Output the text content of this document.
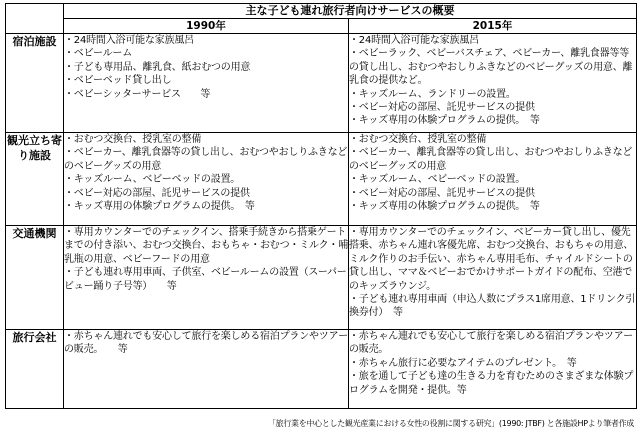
	主な子ども連れ旅行者向けサービスの概要	
	1990年	2015年
宿泊施設	・24時間入浴可能な家族風呂
・ベビールーム
・子ども専用品、離乳食、紙おむつの用意
・ベビーベッド貸し出し
・ベビーシッターサービス　　等	・24時間入浴可能な家族風呂
・ベビーラック、ベビーバスチェア、ベビーカー、離乳食器等等の貸し出し、おむつやおしりふきなどのベビーグッズの用意、離乳食の提供など。
・キッズルーム、ランドリーの設置。
・ベビー対応の部屋、託児サービスの提供
・キッズ専用の体験プログラムの提供。　等
観光立ち寄り施設	・おむつ交換台、授乳室の整備
・ベビーカー、離乳食器等の貸し出し、おむつやおしりふきなどのベビーグッズの用意
・キッズルーム、ベビーベッドの設置。
・ベビー対応の部屋、託児サービスの提供
・キッズ専用の体験プログラムの提供。　等	・おむつ交換台、授乳室の整備
・ベビーカー、離乳食器等の貸し出し、おむつやおしりふきなどのベビーグッズの用意
・キッズルーム、ベビーベッドの設置。
・ベビー対応の部屋、託児サービスの提供
・キッズ専用の体験プログラムの提供。　等
交通機関	・専用カウンターでのチェックイン、搭乗手続きから搭乗ゲートまでの付き添い、おむつ交換台、おもちゃ・おむつ・ミルク・哺乳瓶の用意、ベビーフードの用意
・子ども連れ専用車両、子供室、ベビールームの設置（スーパービュー踊り子号等）　　等	・専用カウンターでのチェックイン、ベビーカー貸し出し、優先搭乗、赤ちゃん連れ客優先席、おむつ交換台、おもちゃの用意、ミルク作りのお手伝い、赤ちゃん専用毛布、チャイルドシートの貸し出し、ママ＆ベビーおでかけサポートガイドの配布、空港でのキッズラウンジ。
・子ども連れ専用車両（申込人数にプラス1席用意、1ドリンク引換券付）　等
旅行会社	・赤ちゃん連れでも安心して旅行を楽しめる宿泊プランやツアーの販売。　　等	・赤ちゃん連れでも安心して旅行を楽しめる宿泊プランやツアーの販売。
・赤ちゃん旅行に必要なアイテムのプレゼント。　等
・旅を通して子ども達の生きる力を育むためのさまざまな体験プログラムを開発・提供。等
「旅行業を中心とした観光産業における女性の役割に関する研究」(1990: JTBF) と各施設HPより筆者作成
